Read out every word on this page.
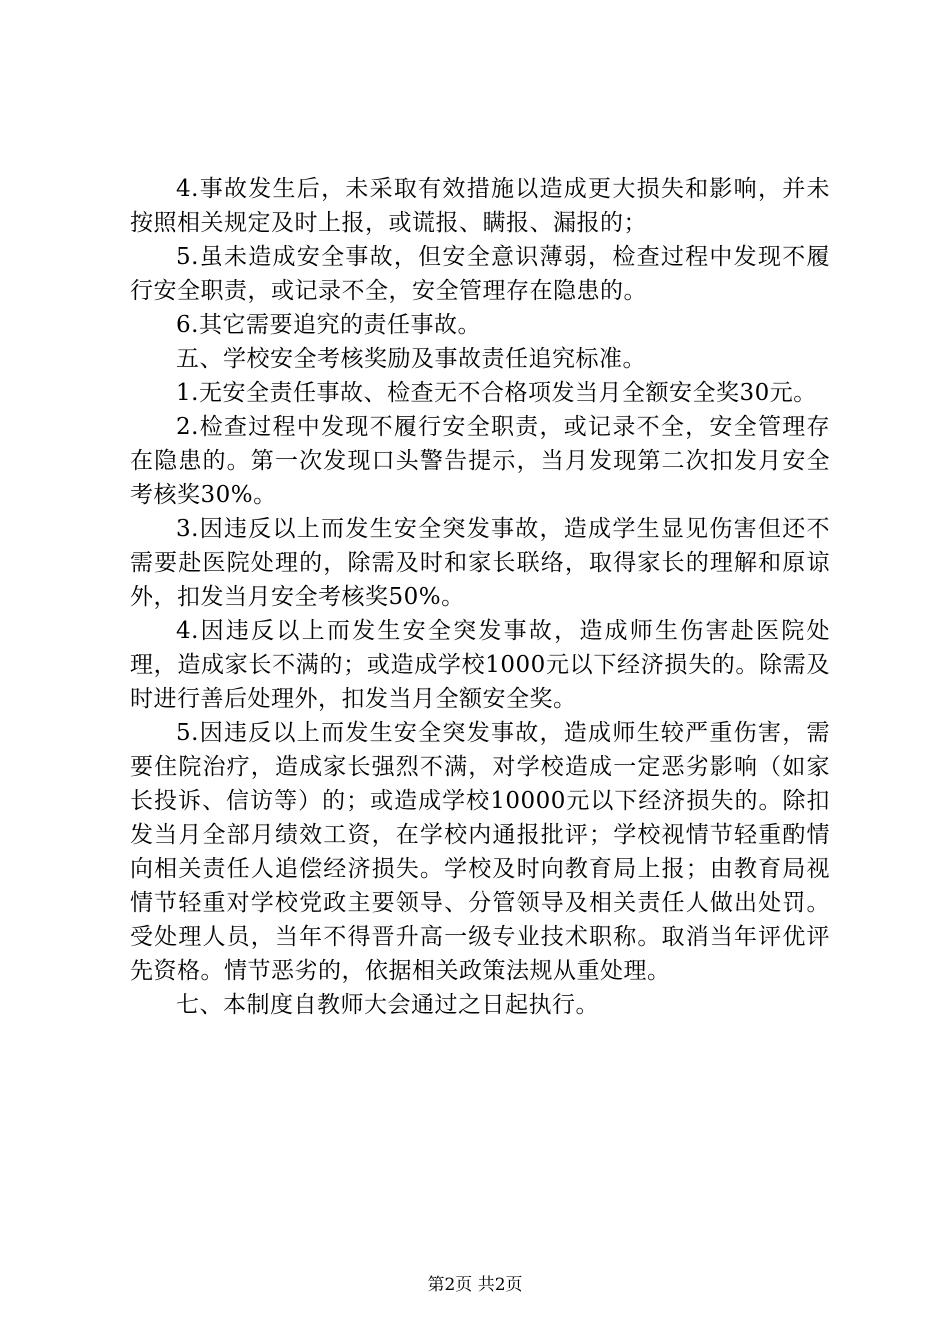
4.事故发生后，未采取有效措施以造成更大损失和影响，并未按照相关规定及时上报，或谎报、瞒报、漏报的；

5.虽未造成安全事故，但安全意识薄弱，检查过程中发现不履行安全职责，或记录不全，安全管理存在隐患的。

6.其它需要追究的责任事故。

五、学校安全考核奖励及事故责任追究标准。

1.无安全责任事故、检查无不合格项发当月全额安全奖30元。

2.检查过程中发现不履行安全职责，或记录不全，安全管理存在隐患的。第一次发现口头警告提示，当月发现第二次扣发月安全考核奖30%。

3.因违反以上而发生安全突发事故，造成学生显见伤害但还不需要赴医院处理的，除需及时和家长联络，取得家长的理解和原谅外，扣发当月安全考核奖50%。

4.因违反以上而发生安全突发事故，造成师生伤害赴医院处理，造成家长不满的；或造成学校1000元以下经济损失的。除需及时进行善后处理外，扣发当月全额安全奖。

5.因违反以上而发生安全突发事故，造成师生较严重伤害，需要住院治疗，造成家长强烈不满，对学校造成一定恶劣影响（如家长投诉、信访等）的；或造成学校10000元以下经济损失的。除扣发当月全部月绩效工资，在学校内通报批评；学校视情节轻重酌情向相关责任人追偿经济损失。学校及时向教育局上报；由教育局视情节轻重对学校党政主要领导、分管领导及相关责任人做出处罚。受处理人员，当年不得晋升高一级专业技术职称。取消当年评优评先资格。情节恶劣的，依据相关政策法规从重处理。

七、本制度自教师大会通过之日起执行。

第2页 共2页
